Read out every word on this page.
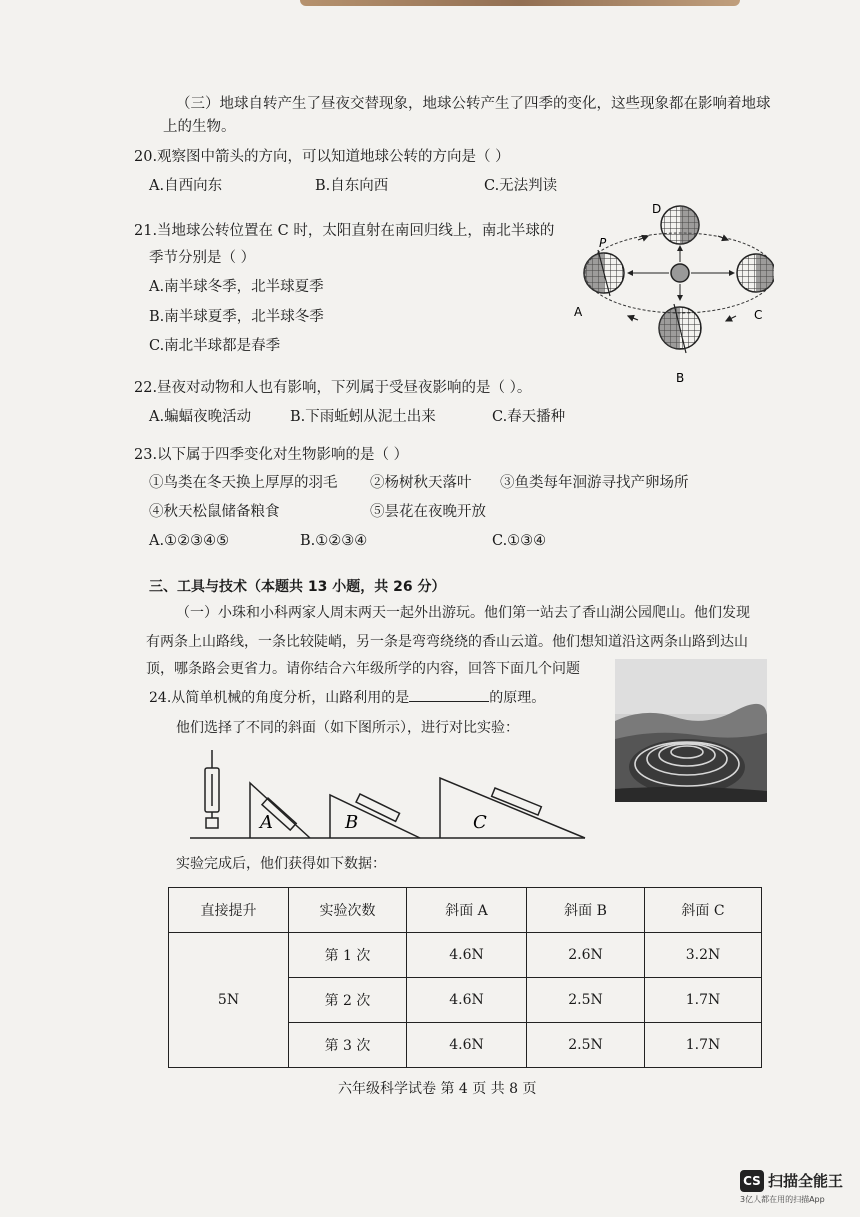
（三）地球自转产生了昼夜交替现象，地球公转产生了四季的变化，这些现象都在影响着地球
上的生物。
20.观察图中箭头的方向，可以知道地球公转的方向是（ ）
A.自西向东	B.自东向西	C.无法判读
21.当地球公转位置在 C 时，太阳直射在南回归线上，南北半球的
季节分别是（ ）
A.南半球冬季，北半球夏季
B.南半球夏季，北半球冬季
C.南北半球都是春季
D
P
A	C
B
22.昼夜对动物和人也有影响，下列属于受昼夜影响的是（ ）。
A.蝙蝠夜晚活动	B.下雨蚯蚓从泥土出来	C.春天播种
23.以下属于四季变化对生物影响的是（ ）
①鸟类在冬天换上厚厚的羽毛 ②杨树秋天落叶 ③鱼类每年洄游寻找产卵场所
④秋天松鼠储备粮食	⑤昙花在夜晚开放
A.①②③④⑤	B.①②③④	C.①③④
三、工具与技术（本题共 13 小题，共 26 分）
（一）小珠和小科两家人周末两天一起外出游玩。他们第一站去了香山湖公园爬山。他们发现
有两条上山路线，一条比较陡峭，另一条是弯弯绕绕的香山云道。他们想知道沿这两条山路到达山
顶，哪条路会更省力。请你结合六年级所学的内容，回答下面几个问题
24.从简单机械的角度分析，山路利用的是	的原理。
他们选择了不同的斜面（如下图所示），进行对比实验：
A	B	C
实验完成后，他们获得如下数据：
直接提升	实验次数	斜面 A	斜面 B	斜面 C
5N	第 1 次	4.6N	2.6N	3.2N
	第 2 次	4.6N	2.5N	1.7N
	第 3 次	4.6N	2.5N	1.7N
六年级科学试卷 第 4 页 共 8 页
CS 扫描全能王
3亿人都在用的扫描App
